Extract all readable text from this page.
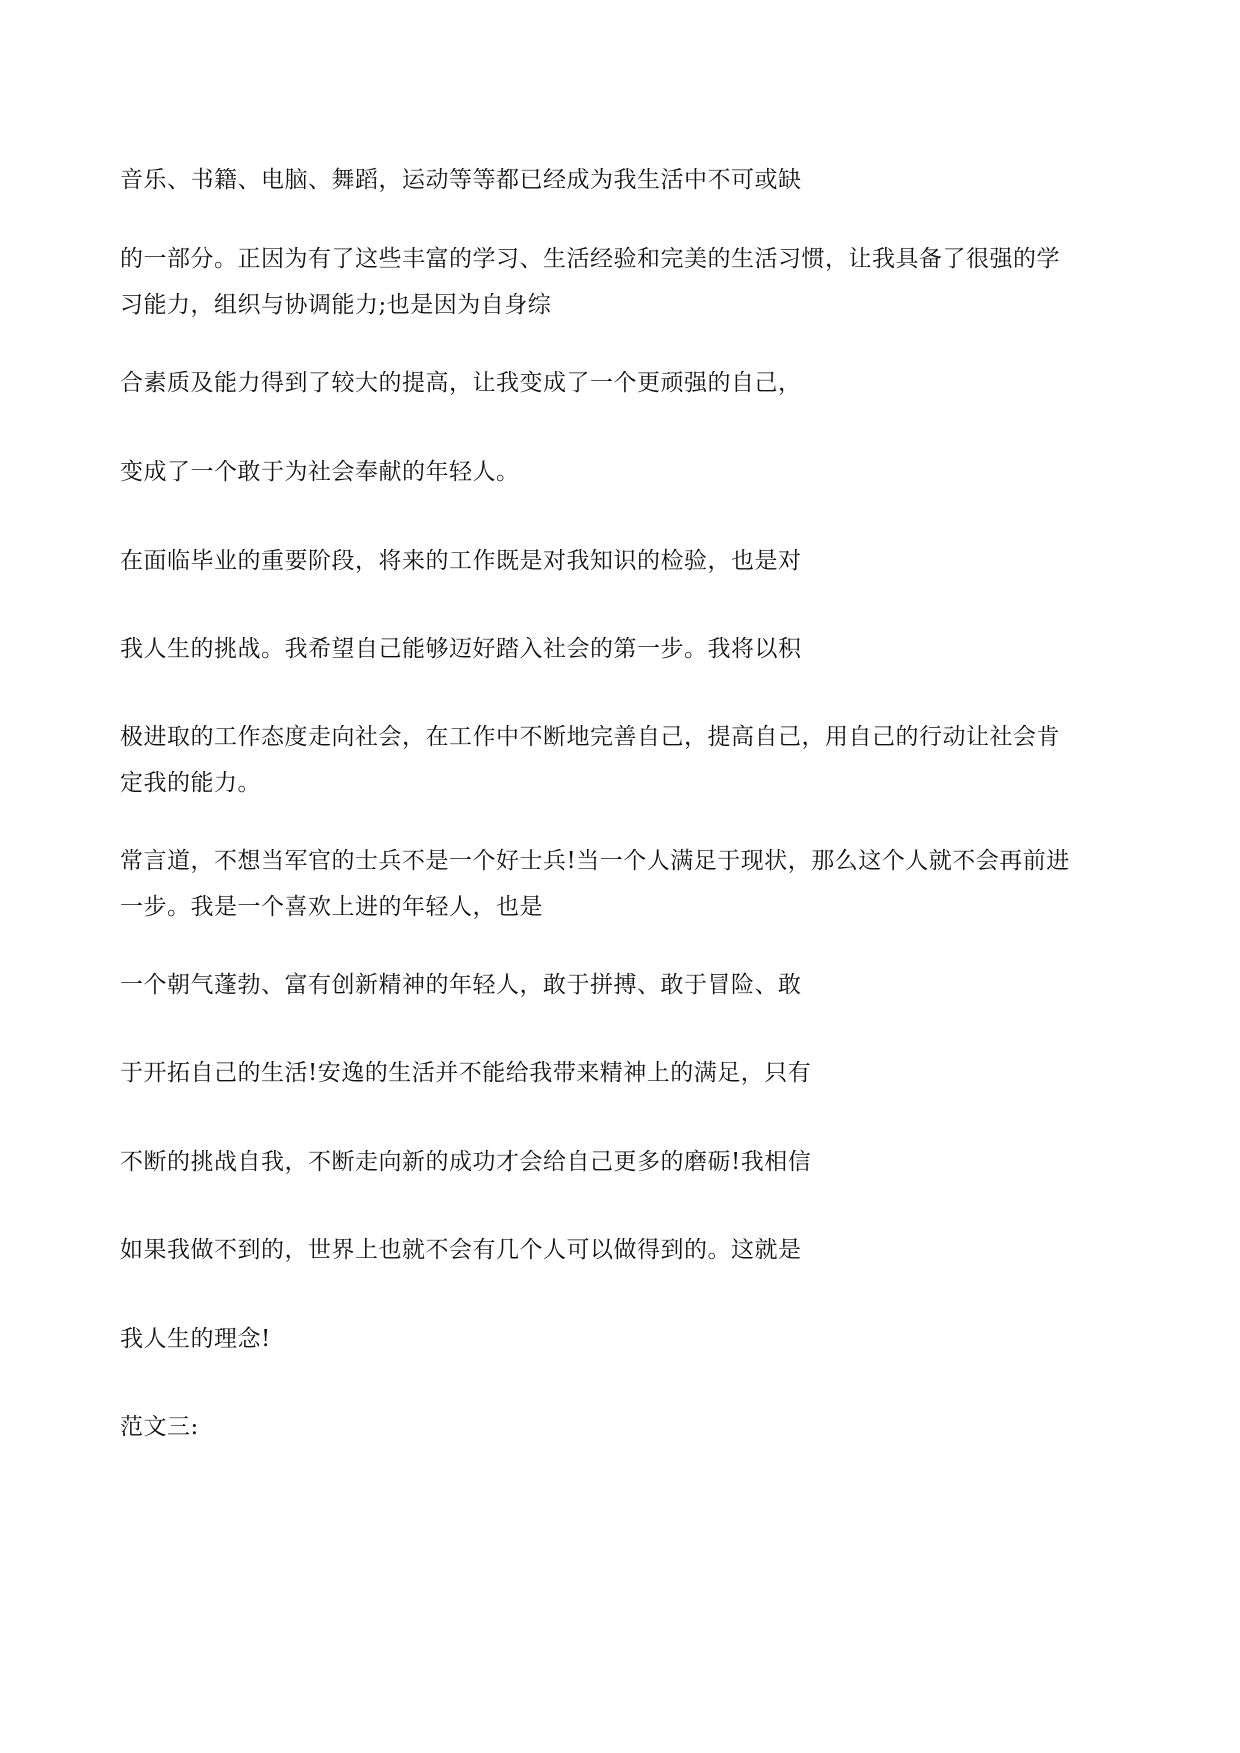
音乐、书籍、电脑、舞蹈，运动等等都已经成为我生活中不可或缺

的一部分。正因为有了这些丰富的学习、生活经验和完美的生活习惯，让我具备了很强的学
习能力，组织与协调能力;也是因为自身综

合素质及能力得到了较大的提高，让我变成了一个更顽强的自己，

变成了一个敢于为社会奉献的年轻人。

在面临毕业的重要阶段，将来的工作既是对我知识的检验，也是对

我人生的挑战。我希望自己能够迈好踏入社会的第一步。我将以积

极进取的工作态度走向社会，在工作中不断地完善自己，提高自己，用自己的行动让社会肯
定我的能力。

常言道，不想当军官的士兵不是一个好士兵!当一个人满足于现状，那么这个人就不会再前进
一步。我是一个喜欢上进的年轻人，也是

一个朝气蓬勃、富有创新精神的年轻人，敢于拼搏、敢于冒险、敢

于开拓自己的生活!安逸的生活并不能给我带来精神上的满足，只有

不断的挑战自我，不断走向新的成功才会给自己更多的磨砺!我相信

如果我做不到的，世界上也就不会有几个人可以做得到的。这就是

我人生的理念!

范文三:
